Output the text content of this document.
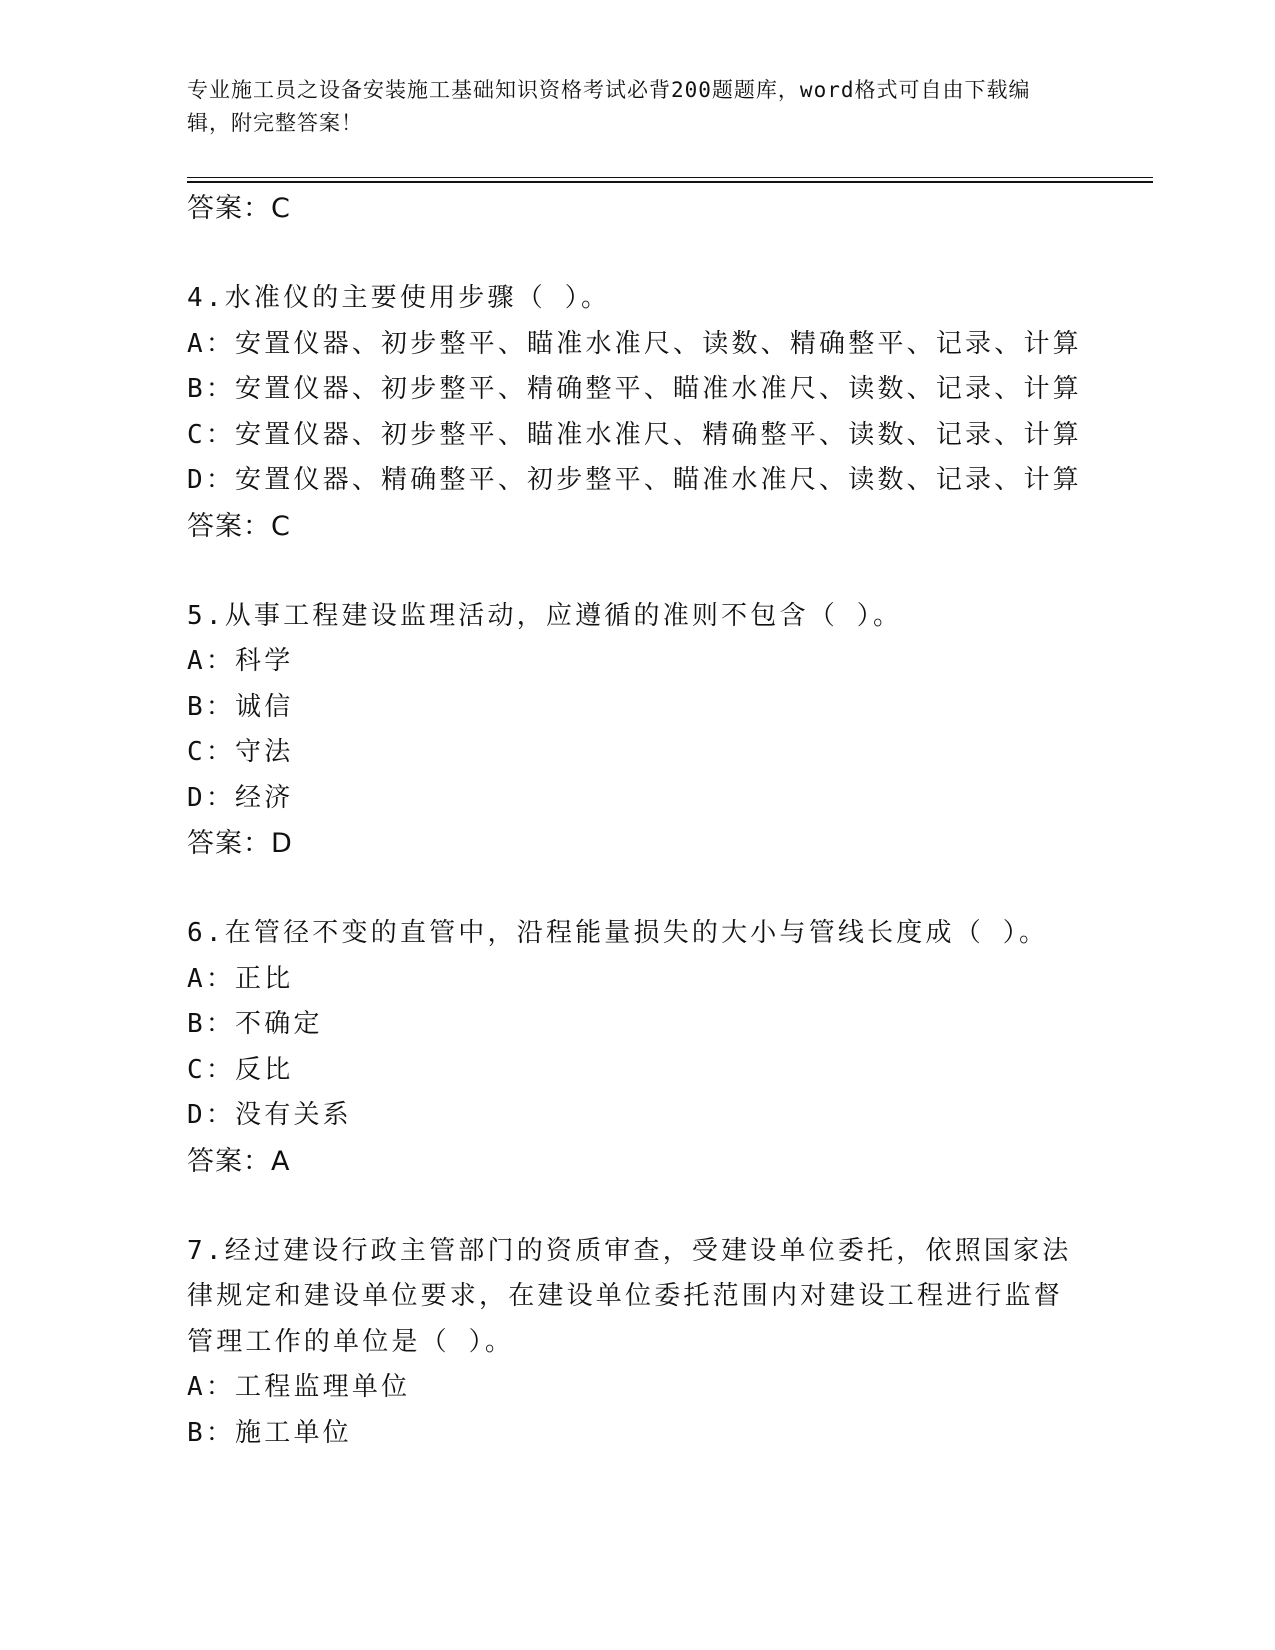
专业施工员之设备安装施工基础知识资格考试必背200题题库，word格式可自由下载编辑，附完整答案！
答案：C
4.水准仪的主要使用步骤（ ）。
A：安置仪器、初步整平、瞄准水准尺、读数、精确整平、记录、计算
B：安置仪器、初步整平、精确整平、瞄准水准尺、读数、记录、计算
C：安置仪器、初步整平、瞄准水准尺、精确整平、读数、记录、计算
D：安置仪器、精确整平、初步整平、瞄准水准尺、读数、记录、计算
答案：C
5.从事工程建设监理活动，应遵循的准则不包含（ ）。
A：科学
B：诚信
C：守法
D：经济
答案：D
6.在管径不变的直管中，沿程能量损失的大小与管线长度成（ ）。
A：正比
B：不确定
C：反比
D：没有关系
答案：A
7.经过建设行政主管部门的资质审查，受建设单位委托，依照国家法律规定和建设单位要求，在建设单位委托范围内对建设工程进行监督管理工作的单位是（ ）。
A：工程监理单位
B：施工单位
